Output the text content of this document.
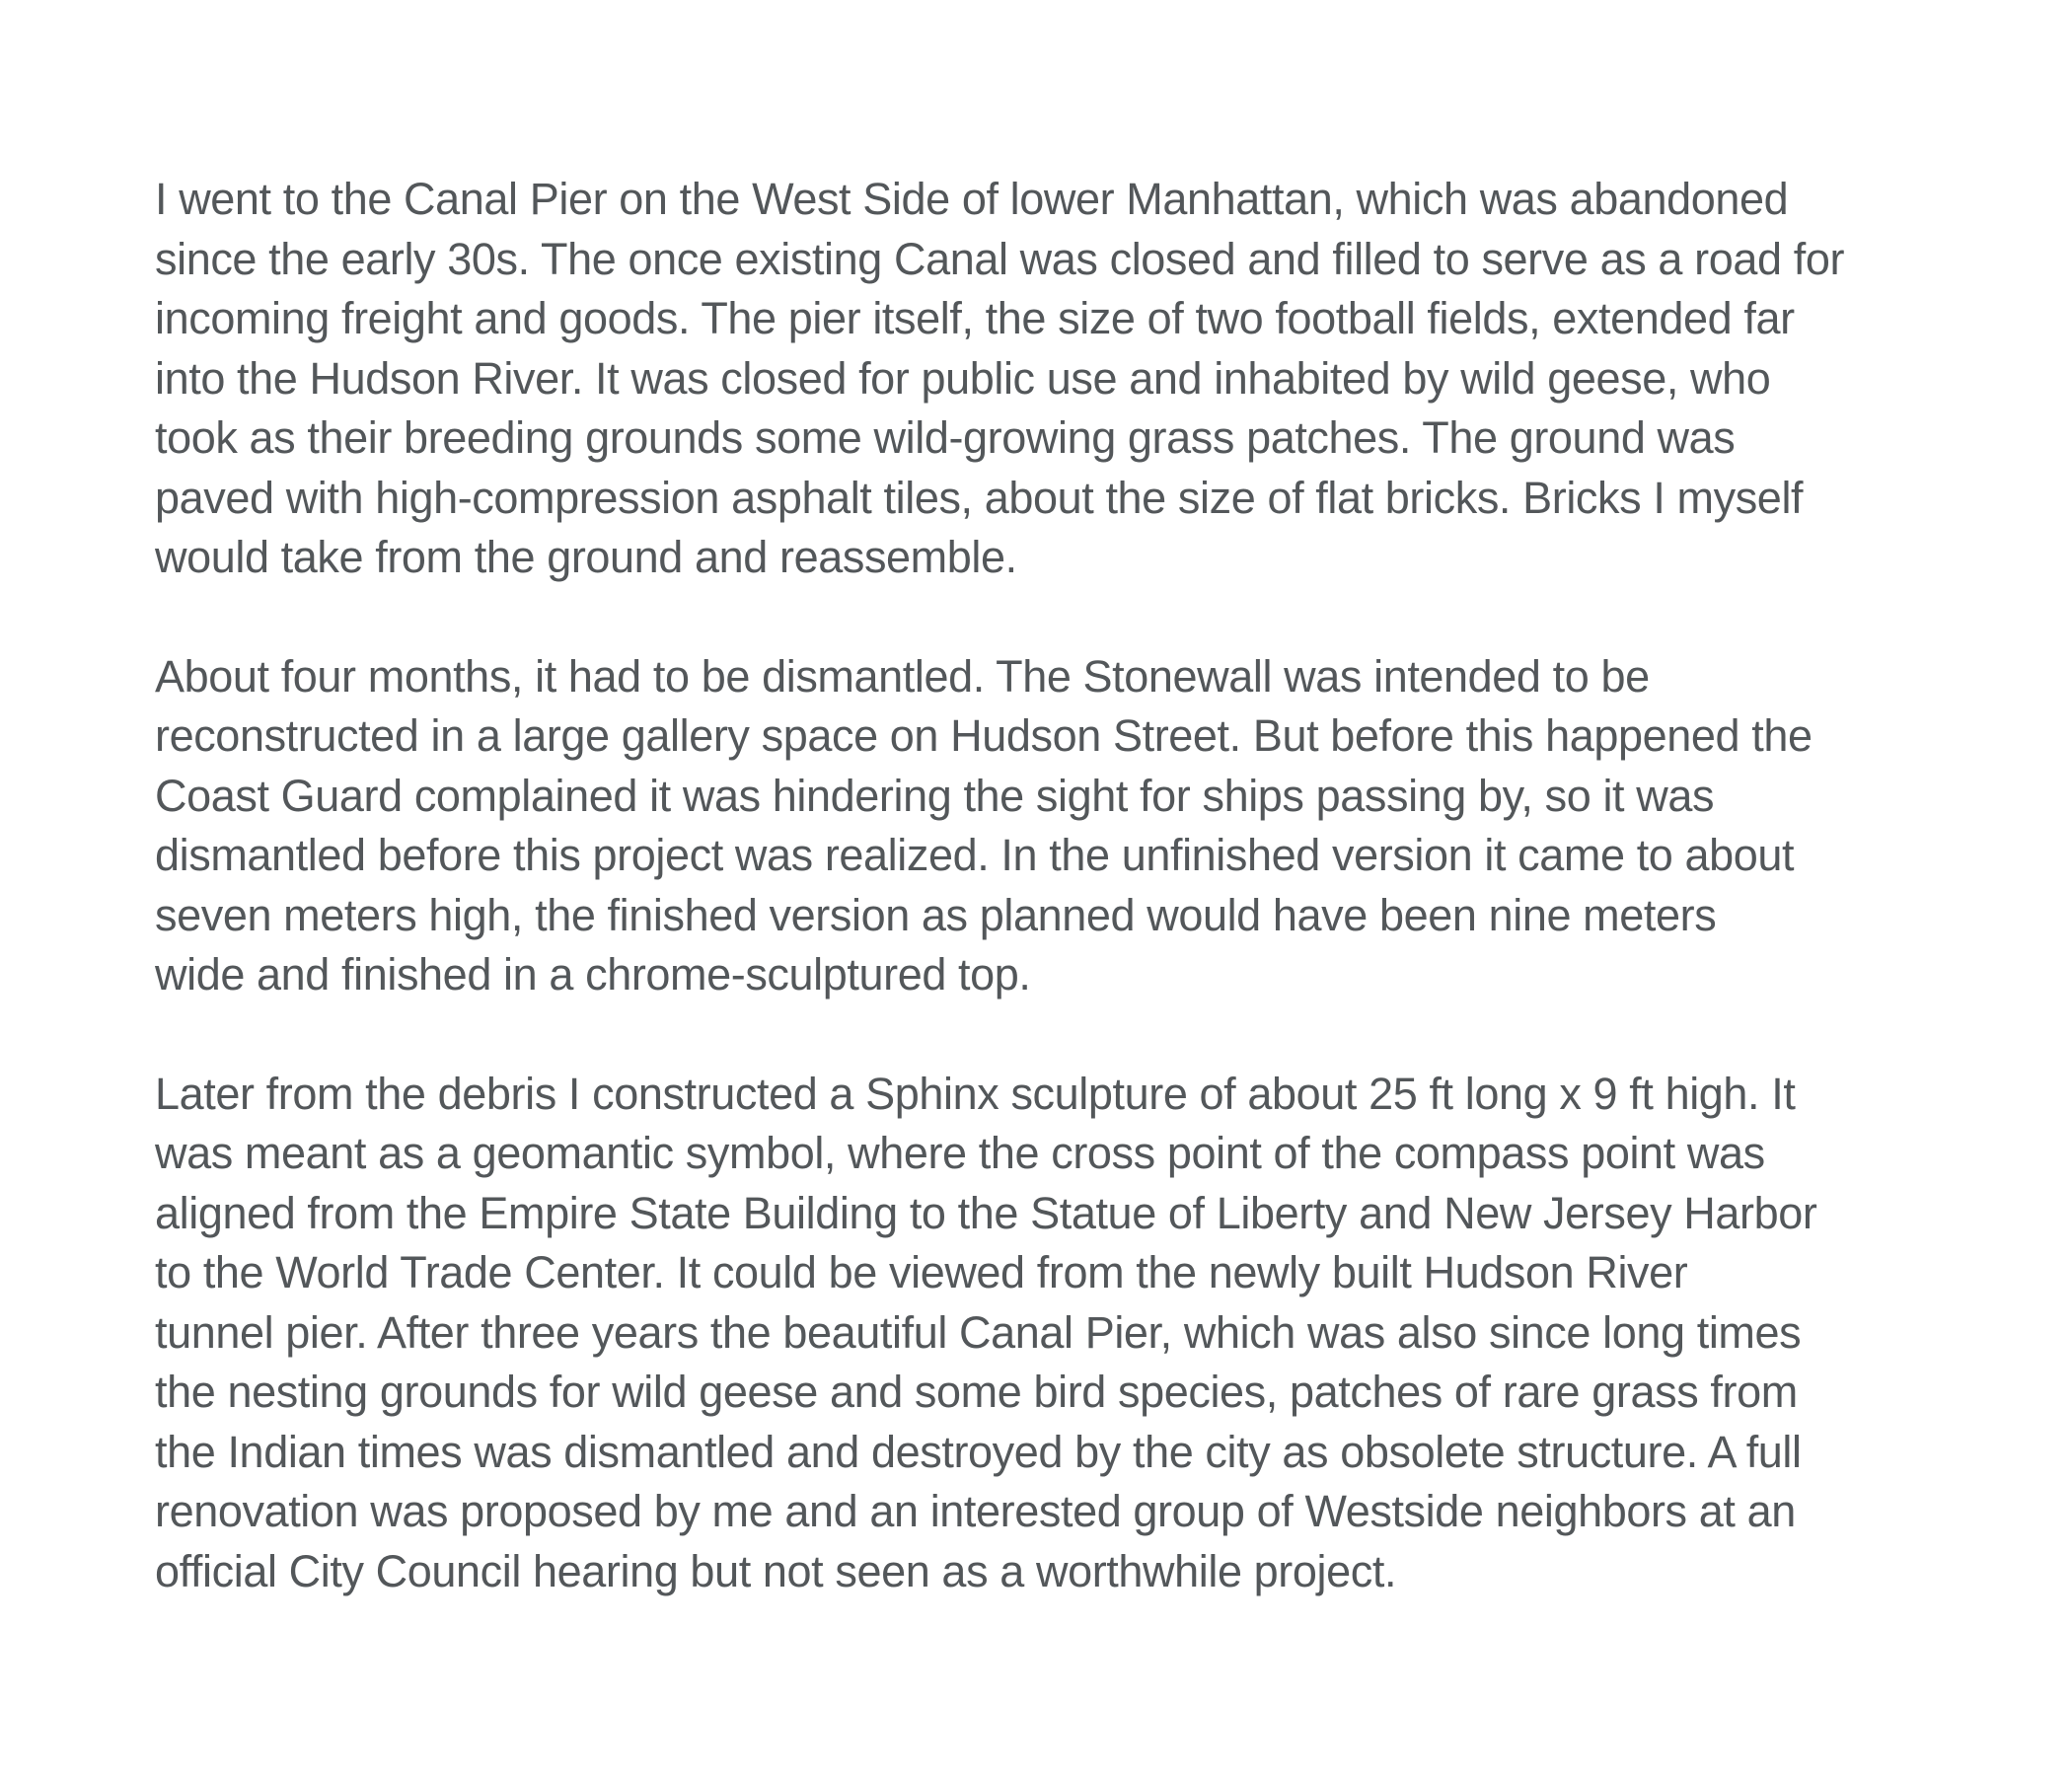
I went to the Canal Pier on the West Side of lower Manhattan, which was abandoned
since the early 30s. The once existing Canal was closed and filled to serve as a road for
incoming freight and goods. The pier itself, the size of two football fields, extended far
into the Hudson River. It was closed for public use and inhabited by wild geese, who
took as their breeding grounds some wild-growing grass patches. The ground was
paved with high-compression asphalt tiles, about the size of flat bricks. Bricks I myself
would take from the ground and reassemble.
About four months, it had to be dismantled. The Stonewall was intended to be
reconstructed in a large gallery space on Hudson Street. But before this happened the
Coast Guard complained it was hindering the sight for ships passing by, so it was
dismantled before this project was realized. In the unfinished version it came to about
seven meters high, the finished version as planned would have been nine meters
wide and finished in a chrome-sculptured top.
Later from the debris I constructed a Sphinx sculpture of about 25 ft long x 9 ft high. It
was meant as a geomantic symbol, where the cross point of the compass point was
aligned from the Empire State Building to the Statue of Liberty and New Jersey Harbor
to the World Trade Center. It could be viewed from the newly built Hudson River
tunnel pier. After three years the beautiful Canal Pier, which was also since long times
the nesting grounds for wild geese and some bird species, patches of rare grass from
the Indian times was dismantled and destroyed by the city as obsolete structure. A full
renovation was proposed by me and an interested group of Westside neighbors at an
official City Council hearing but not seen as a worthwhile project.
